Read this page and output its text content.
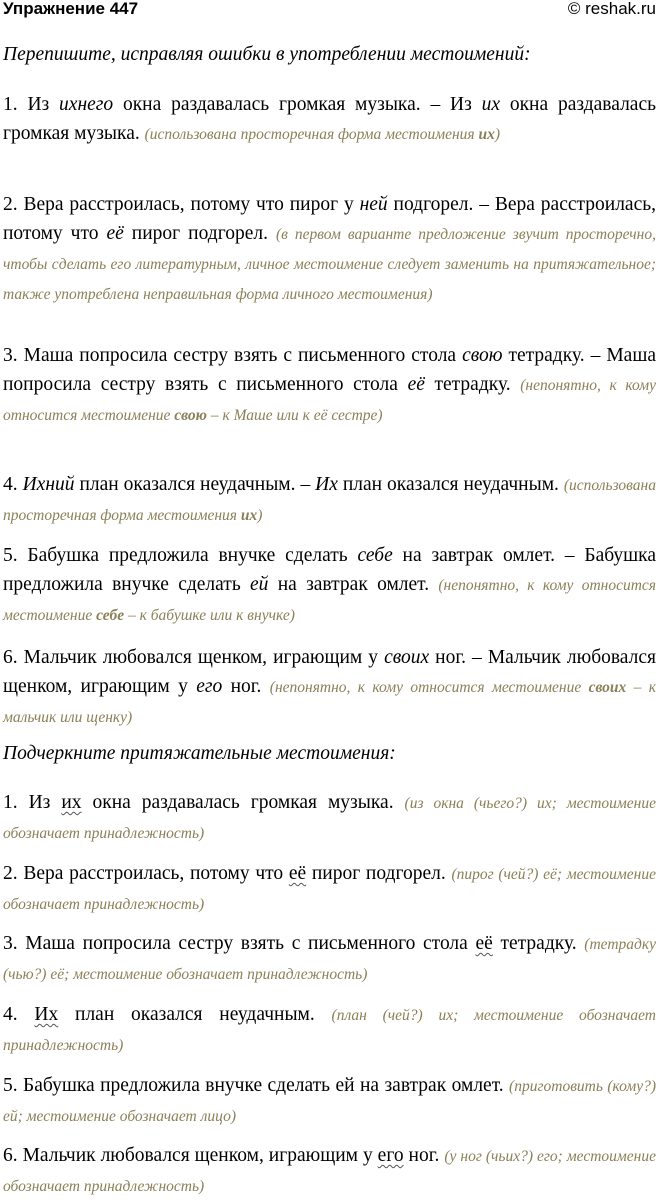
Упражнение 447	© reshak.ru
Перепишите, исправляя ошибки в употреблении местоимений:
1. Из ихнего окна раздавалась громкая музыка. – Из их окна раздавалась громкая музыка. (использована просторечная форма местоимения их)
2. Вера расстроилась, потому что пирог у ней подгорел. – Вера расстроилась, потому что её пирог подгорел. (в первом варианте предложение звучит просторечно, чтобы сделать его литературным, личное местоимение следует заменить на притяжательное; также употреблена неправильная форма личного местоимения)
3. Маша попросила сестру взять с письменного стола свою тетрадку. – Маша попросила сестру взять с письменного стола её тетрадку. (непонятно, к кому относится местоимение свою – к Маше или к её сестре)
4. Ихний план оказался неудачным. – Их план оказался неудачным. (использована просторечная форма местоимения их)
5. Бабушка предложила внучке сделать себе на завтрак омлет. – Бабушка предложила внучке сделать ей на завтрак омлет. (непонятно, к кому относится местоимение себе – к бабушке или к внучке)
6. Мальчик любовался щенком, играющим у своих ног. – Мальчик любовался щенком, играющим у его ног. (непонятно, к кому относится местоимение своих – к мальчик или щенку)
Подчеркните притяжательные местоимения:
1. Из их окна раздавалась громкая музыка. (из окна (чьего?) их; местоимение обозначает принадлежность)
2. Вера расстроилась, потому что её пирог подгорел. (пирог (чей?) её; местоимение обозначает принадлежность)
3. Маша попросила сестру взять с письменного стола её тетрадку. (тетрадку (чью?) её; местоимение обозначает принадлежность)
4. Их план оказался неудачным. (план (чей?) их; местоимение обозначает принадлежность)
5. Бабушка предложила внучке сделать ей на завтрак омлет. (приготовить (кому?) ей; местоимение обозначает лицо)
6. Мальчик любовался щенком, играющим у его ног. (у ног (чьих?) его; местоимение обозначает принадлежность)
